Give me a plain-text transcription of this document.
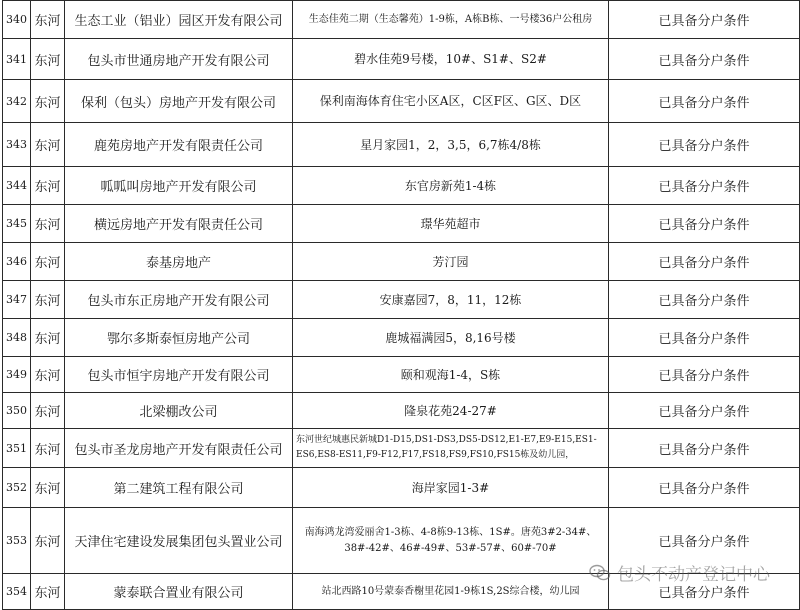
340	东河	生态工业（铝业）园区开发有限公司	生态佳苑二期（生态馨苑）1-9栋，A栋B栋、一号楼36户公租房	已具备分户条件
341	东河	包头市世通房地产开发有限公司	碧水佳苑9号楼，10#、S1#、S2#	已具备分户条件
342	东河	保利（包头）房地产开发有限公司	保利南海体育住宅小区A区，C区F区、G区、D区	已具备分户条件
343	东河	鹿苑房地产开发有限责任公司	星月家园1，2，3,5，6,7栋4/8栋	已具备分户条件
344	东河	呱呱叫房地产开发有限公司	东官房新苑1-4栋	已具备分户条件
345	东河	横远房地产开发有限责任公司	璟华苑超市	已具备分户条件
346	东河	泰基房地产	芳汀园	已具备分户条件
347	东河	包头市东正房地产开发有限公司	安康嘉园7，8，11，12栋	已具备分户条件
348	东河	鄂尔多斯泰恒房地产公司	鹿城福满园5，8,16号楼	已具备分户条件
349	东河	包头市恒宇房地产开发有限公司	颐和观海1-4，S栋	已具备分户条件
350	东河	北梁棚改公司	隆泉花苑24-27#	已具备分户条件
351	东河	包头市圣龙房地产开发有限责任公司	东河世纪城惠民新城D1-D15,DS1-DS3,DS5-DS12,E1-E7,E9-E15,ES1-ES6,ES8-ES11,F9-F12,F17,FS18,FS9,FS10,FS15栋及幼儿园，	已具备分户条件
352	东河	第二建筑工程有限公司	海岸家园1-3#	已具备分户条件
353	东河	天津住宅建设发展集团包头置业公司	南海鸿龙湾爱丽舍1-3栋、4-8栋9-13栋、1S#。唐苑3#2-34#、38#-42#、46#-49#、53#-57#、60#-70#	已具备分户条件
354	东河	蒙泰联合置业有限公司	站北西路10号蒙泰香榭里花园1-9栋1S,2S综合楼，幼儿园	已具备分户条件
包头不动产登记中心
